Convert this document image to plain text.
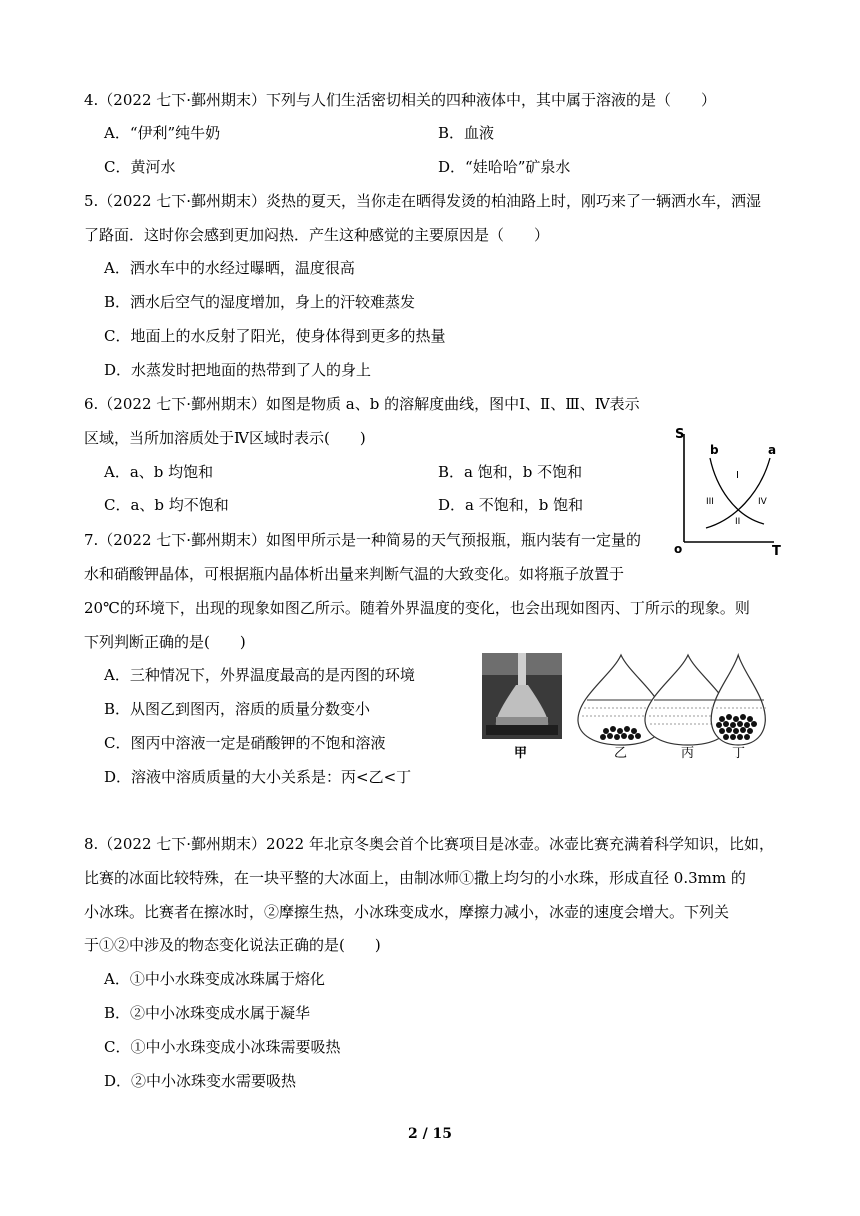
4.（2022 七下·鄞州期末）下列与人们生活密切相关的四种液体中，其中属于溶液的是（　　）
A．“伊利”纯牛奶	B．血液
C．黄河水	D．“娃哈哈”矿泉水
5.（2022 七下·鄞州期末）炎热的夏天，当你走在晒得发烫的柏油路上时，刚巧来了一辆洒水车，洒湿
了路面．这时你会感到更加闷热．产生这种感觉的主要原因是（　　）
A．洒水车中的水经过曝晒，温度很高
B．洒水后空气的湿度增加，身上的汗较难蒸发
C．地面上的水反射了阳光，使身体得到更多的热量
D．水蒸发时把地面的热带到了人的身上
6.（2022 七下·鄞州期末）如图是物质 a、b 的溶解度曲线，图中Ⅰ、Ⅱ、Ⅲ、Ⅳ表示
区域，当所加溶质处于Ⅳ区域时表示(　　)
A．a、b 均饱和	B．a 饱和，b 不饱和
C．a、b 均不饱和	D．a 不饱和，b 饱和
S
T
o
b	a
I
II
III	IV
7.（2022 七下·鄞州期末）如图甲所示是一种简易的天气预报瓶，瓶内装有一定量的
水和硝酸钾晶体，可根据瓶内晶体析出量来判断气温的大致变化。如将瓶子放置于
20℃的环境下，出现的现象如图乙所示。随着外界温度的变化，也会出现如图丙、丁所示的现象。则
下列判断正确的是(　　)
A．三种情况下，外界温度最高的是丙图的环境
B．从图乙到图丙，溶质的质量分数变小
C．图丙中溶液一定是硝酸钾的不饱和溶液
D．溶液中溶质质量的大小关系是：丙<乙<丁
甲	乙	丙	丁
8.（2022 七下·鄞州期末）2022 年北京冬奥会首个比赛项目是冰壶。冰壶比赛充满着科学知识，比如，
比赛的冰面比较特殊，在一块平整的大冰面上，由制冰师①撒上均匀的小水珠，形成直径 0.3mm 的
小冰珠。比赛者在擦冰时，②摩擦生热，小冰珠变成水，摩擦力减小，冰壶的速度会增大。下列关
于①②中涉及的物态变化说法正确的是(　　)
A．①中小水珠变成冰珠属于熔化
B．②中小冰珠变成水属于凝华
C．①中小水珠变成小冰珠需要吸热
D．②中小冰珠变水需要吸热
2 / 15
